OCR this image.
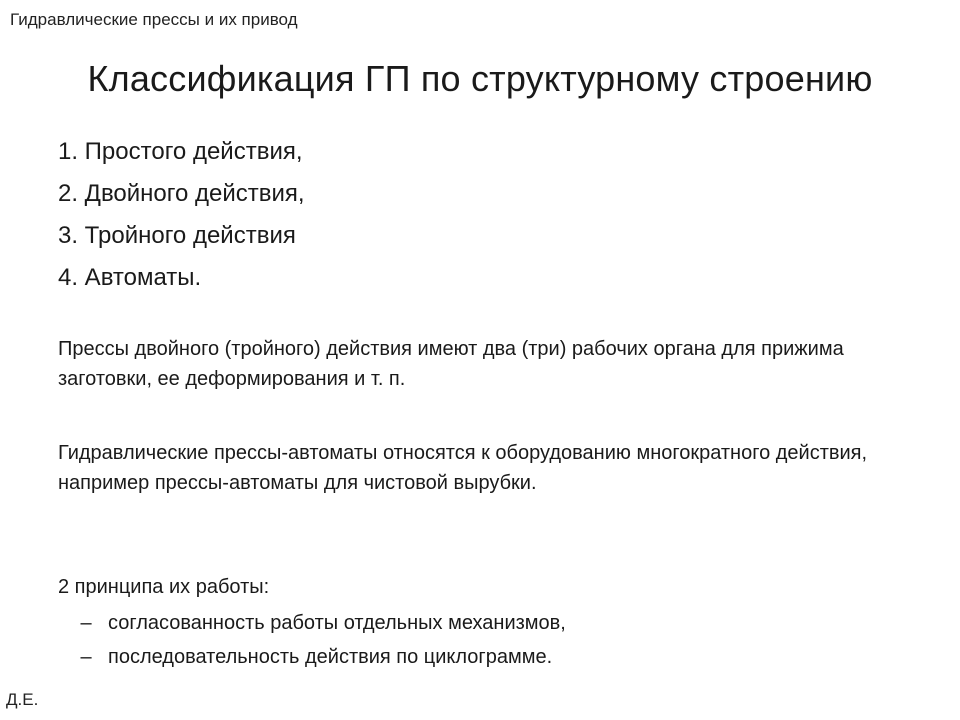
Гидравлические прессы и их привод
Классификация ГП по структурному строению
1. Простого действия,
2. Двойного действия,
3. Тройного действия
4. Автоматы.

Прессы двойного (тройного) действия имеют два (три) рабочих органа для прижима заготовки, ее деформирования и т. п.

Гидравлические прессы-автоматы относятся к оборудованию многократного действия, например прессы-автоматы для чистовой вырубки.

2 принципа их работы:

– согласованность работы отдельных механизмов,
– последовательность действия по циклограмме.
Д.Е.
